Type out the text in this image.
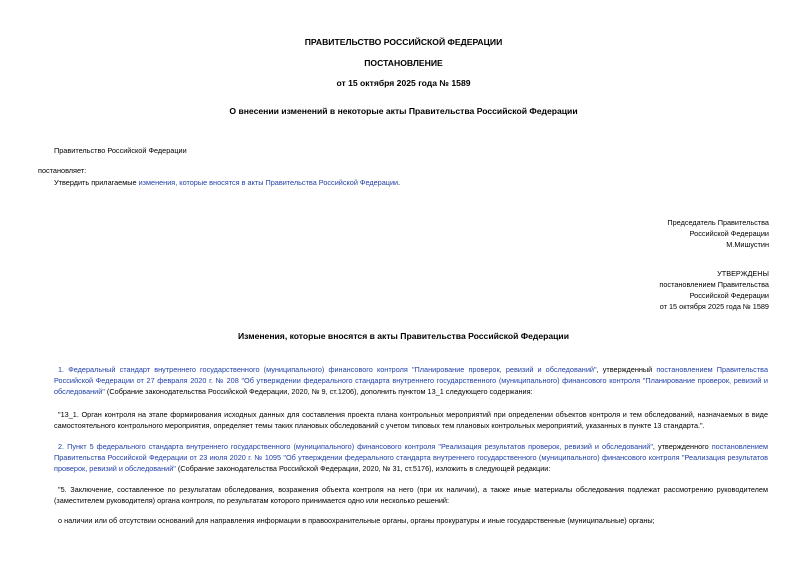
ПРАВИТЕЛЬСТВО РОССИЙСКОЙ ФЕДЕРАЦИИ
ПОСТАНОВЛЕНИЕ
от 15 октября 2025 года № 1589
О внесении изменений в некоторые акты Правительства Российской Федерации
Правительство Российской Федерации
постановляет:
Утвердить прилагаемые изменения, которые вносятся в акты Правительства Российской Федерации.
Председатель Правительства
Российской Федерации
М.Мишустин
УТВЕРЖДЕНЫ
постановлением Правительства
Российской Федерации
от 15 октября 2025 года № 1589
Изменения, которые вносятся в акты Правительства Российской Федерации
1. Федеральный стандарт внутреннего государственного (муниципального) финансового контроля "Планирование проверок, ревизий и обследований", утвержденный постановлением Правительства Российской Федерации от 27 февраля 2020 г. № 208 "Об утверждении федерального стандарта внутреннего государственного (муниципального) финансового контроля "Планирование проверок, ревизий и обследований" (Собрание законодательства Российской Федерации, 2020, № 9, ст.1206), дополнить пунктом 13_1 следующего содержания:
"13_1. Орган контроля на этапе формирования исходных данных для составления проекта плана контрольных мероприятий при определении объектов контроля и тем обследований, назначаемых в виде самостоятельного контрольного мероприятия, определяет темы таких плановых обследований с учетом типовых тем плановых контрольных мероприятий, указанных в пункте 13 стандарта.".
2. Пункт 5 федерального стандарта внутреннего государственного (муниципального) финансового контроля "Реализация результатов проверок, ревизий и обследований", утвержденного постановлением Правительства Российской Федерации от 23 июля 2020 г. № 1095 "Об утверждении федерального стандарта внутреннего государственного (муниципального) финансового контроля "Реализация результатов проверок, ревизий и обследований" (Собрание законодательства Российской Федерации, 2020, № 31, ст.5176), изложить в следующей редакции:
"5. Заключение, составленное по результатам обследования, возражения объекта контроля на него (при их наличии), а также иные материалы обследования подлежат рассмотрению руководителем (заместителем руководителя) органа контроля, по результатам которого принимается одно или несколько решений:
о наличии или об отсутствии оснований для направления информации в правоохранительные органы, органы прокуратуры и иные государственные (муниципальные) органы;
